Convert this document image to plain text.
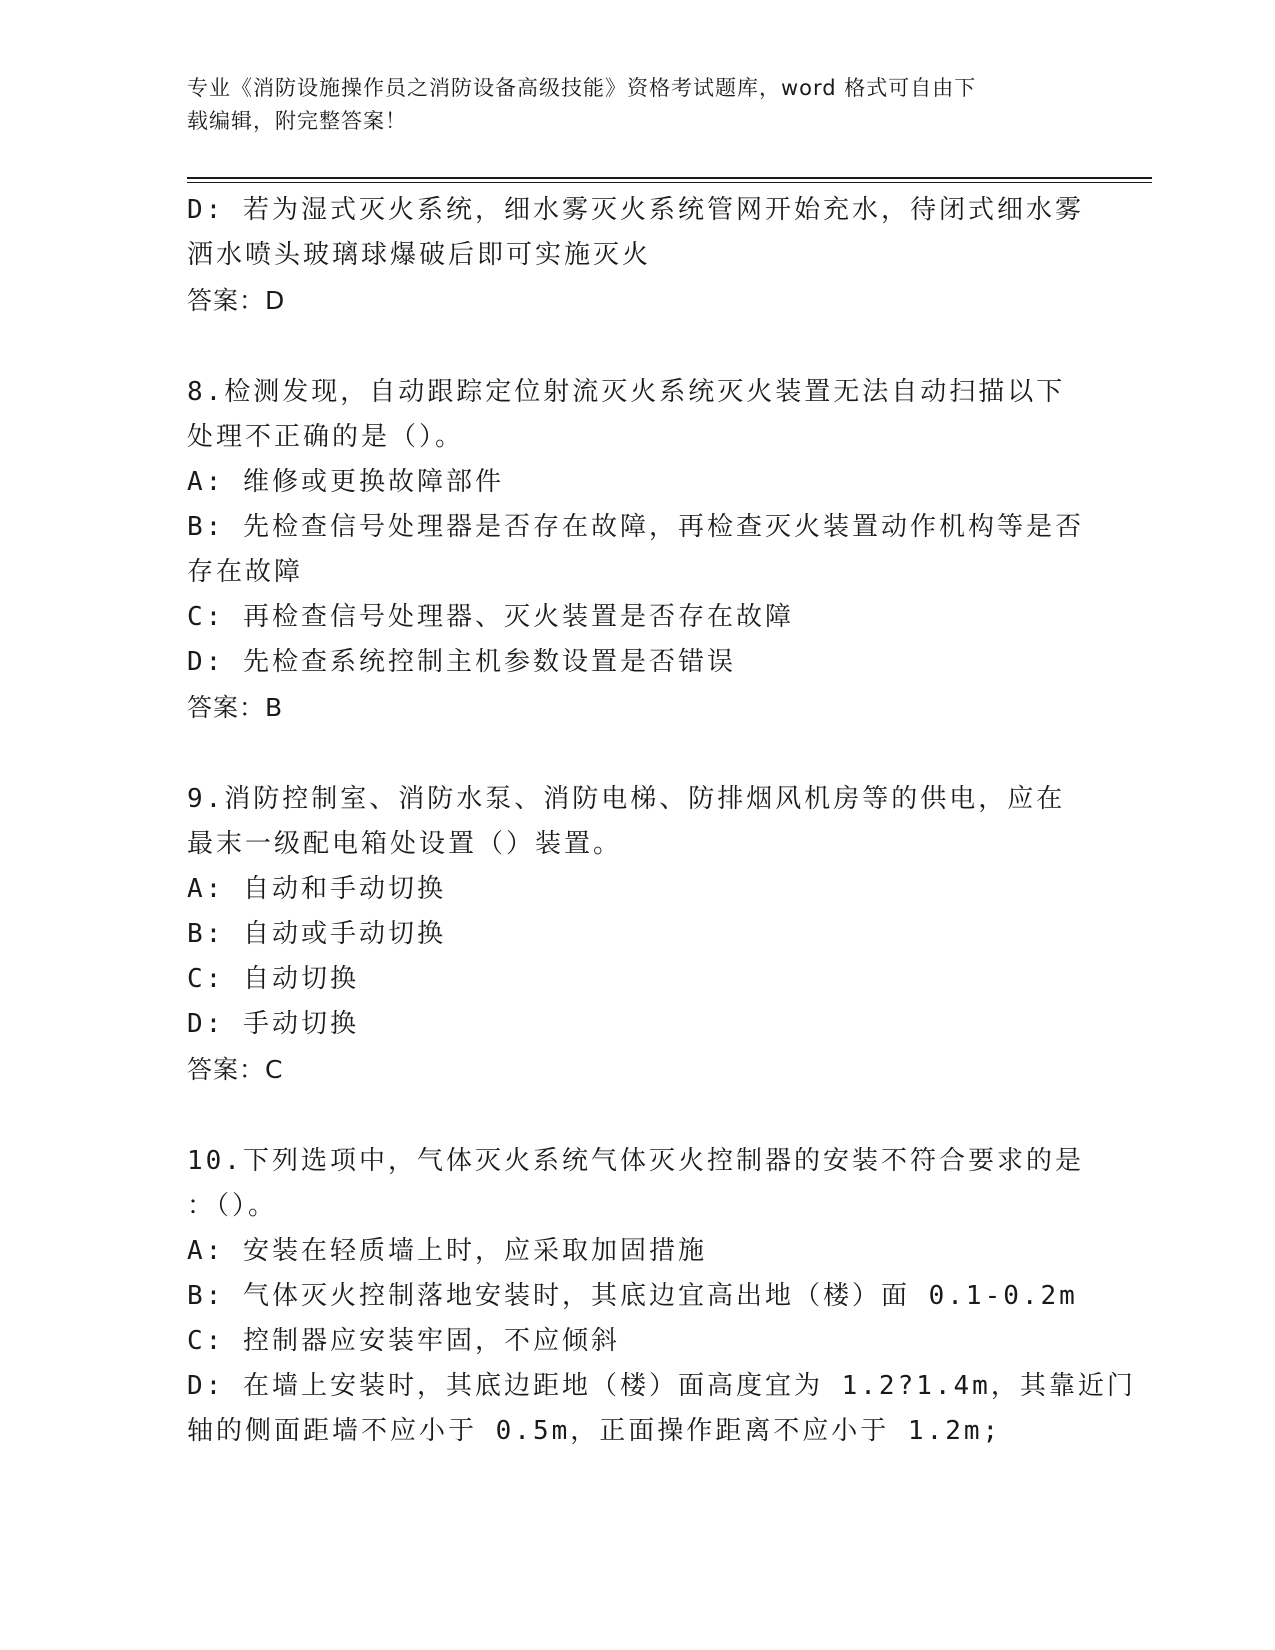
专业《消防设施操作员之消防设备高级技能》资格考试题库，word 格式可自由下
载编辑，附完整答案！
D: 若为湿式灭火系统，细水雾灭火系统管网开始充水，待闭式细水雾
洒水喷头玻璃球爆破后即可实施灭火
答案：D
8.检测发现，自动跟踪定位射流灭火系统灭火装置无法自动扫描以下
处理不正确的是（）。
A: 维修或更换故障部件
B: 先检查信号处理器是否存在故障，再检查灭火装置动作机构等是否
存在故障
C: 再检查信号处理器、灭火装置是否存在故障
D: 先检查系统控制主机参数设置是否错误
答案：B
9.消防控制室、消防水泵、消防电梯、防排烟风机房等的供电，应在
最末一级配电箱处设置（）装置。
A: 自动和手动切换
B: 自动或手动切换
C: 自动切换
D: 手动切换
答案：C
10.下列选项中，气体灭火系统气体灭火控制器的安装不符合要求的是
：（）。
A: 安装在轻质墙上时，应采取加固措施
B: 气体灭火控制落地安装时，其底边宜高出地（楼）面 0.1-0.2m
C: 控制器应安装牢固，不应倾斜
D: 在墙上安装时，其底边距地（楼）面高度宜为 1.2?1.4m，其靠近门
轴的侧面距墙不应小于 0.5m，正面操作距离不应小于 1.2m;
